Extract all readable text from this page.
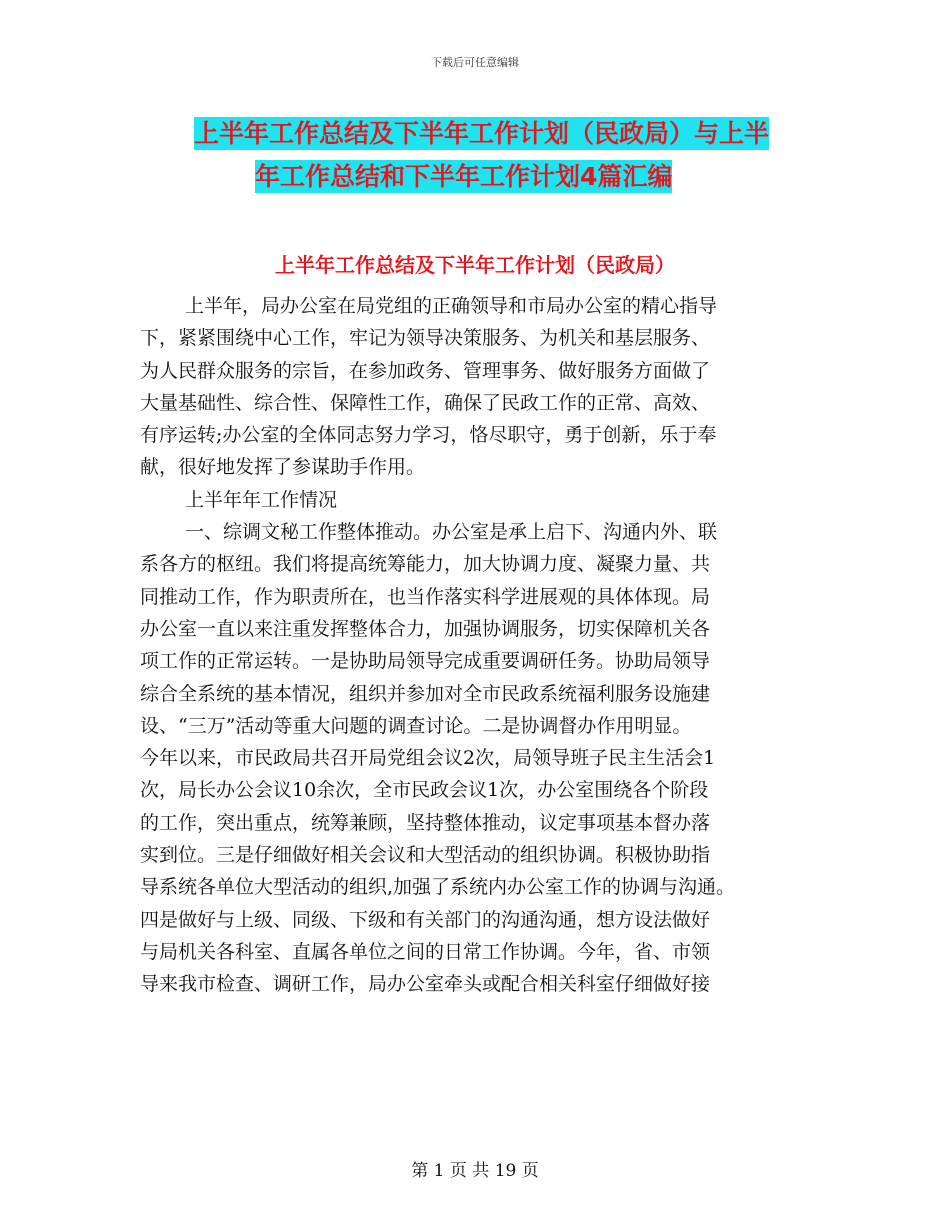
下载后可任意编辑
上半年工作总结及下半年工作计划（民政局）与上半
年工作总结和下半年工作计划4篇汇编
上半年工作总结及下半年工作计划（民政局）
上半年，局办公室在局党组的正确领导和市局办公室的精心指导
下，紧紧围绕中心工作，牢记为领导决策服务、为机关和基层服务、
为人民群众服务的宗旨，在参加政务、管理事务、做好服务方面做了
大量基础性、综合性、保障性工作，确保了民政工作的正常、高效、
有序运转;办公室的全体同志努力学习，恪尽职守，勇于创新，乐于奉
献，很好地发挥了参谋助手作用。
上半年年工作情况
一、综调文秘工作整体推动。办公室是承上启下、沟通内外、联
系各方的枢纽。我们将提高统筹能力，加大协调力度、凝聚力量、共
同推动工作，作为职责所在，也当作落实科学进展观的具体体现。局
办公室一直以来注重发挥整体合力，加强协调服务，切实保障机关各
项工作的正常运转。一是协助局领导完成重要调研任务。协助局领导
综合全系统的基本情况，组织并参加对全市民政系统福利服务设施建
设、“三万”活动等重大问题的调查讨论。二是协调督办作用明显。
今年以来，市民政局共召开局党组会议2次，局领导班子民主生活会1
次，局长办公会议10余次，全市民政会议1次，办公室围绕各个阶段
的工作，突出重点，统筹兼顾，坚持整体推动，议定事项基本督办落
实到位。三是仔细做好相关会议和大型活动的组织协调。积极协助指
导系统各单位大型活动的组织,加强了系统内办公室工作的协调与沟通。
四是做好与上级、同级、下级和有关部门的沟通沟通，想方设法做好
与局机关各科室、直属各单位之间的日常工作协调。今年，省、市领
导来我市检查、调研工作，局办公室牵头或配合相关科室仔细做好接
第 1 页 共 19 页
